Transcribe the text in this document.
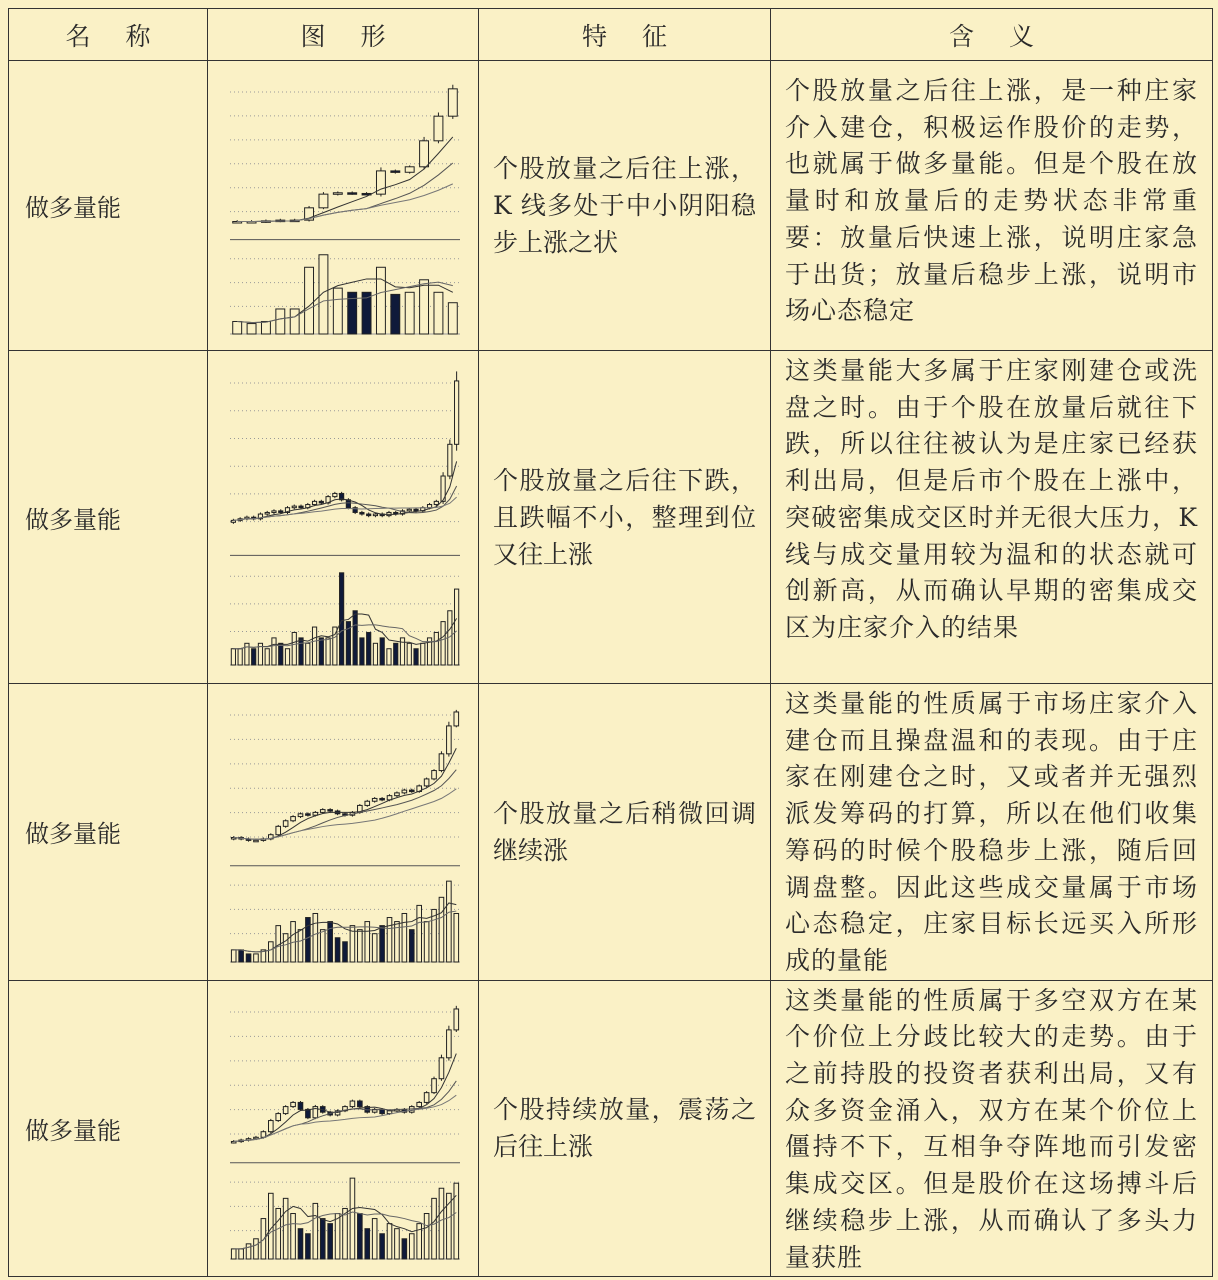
名称	图形	特征	含义
做多量能		个股放量之后往上涨，K 线多处于中小阴阳稳步上涨之状	个股放量之后往上涨，是一种庄家介入建仓，积极运作股价的走势，也就属于做多量能。但是个股在放量时和放量后的走势状态非常重要：放量后快速上涨，说明庄家急于出货；放量后稳步上涨，说明市场心态稳定
做多量能		个股放量之后往下跌，且跌幅不小，整理到位又往上涨	这类量能大多属于庄家刚建仓或洗盘之时。由于个股在放量后就往下跌，所以往往被认为是庄家已经获利出局，但是后市个股在上涨中，突破密集成交区时并无很大压力，K线与成交量用较为温和的状态就可创新高，从而确认早期的密集成交区为庄家介入的结果
做多量能		个股放量之后稍微回调继续涨	这类量能的性质属于市场庄家介入建仓而且操盘温和的表现。由于庄家在刚建仓之时，又或者并无强烈派发筹码的打算，所以在他们收集筹码的时候个股稳步上涨，随后回调盘整。因此这些成交量属于市场心态稳定，庄家目标长远买入所形成的量能
做多量能		个股持续放量，震荡之后往上涨	这类量能的性质属于多空双方在某个价位上分歧比较大的走势。由于之前持股的投资者获利出局，又有众多资金涌入，双方在某个价位上僵持不下，互相争夺阵地而引发密集成交区。但是股价在这场搏斗后继续稳步上涨，从而确认了多头力量获胜
